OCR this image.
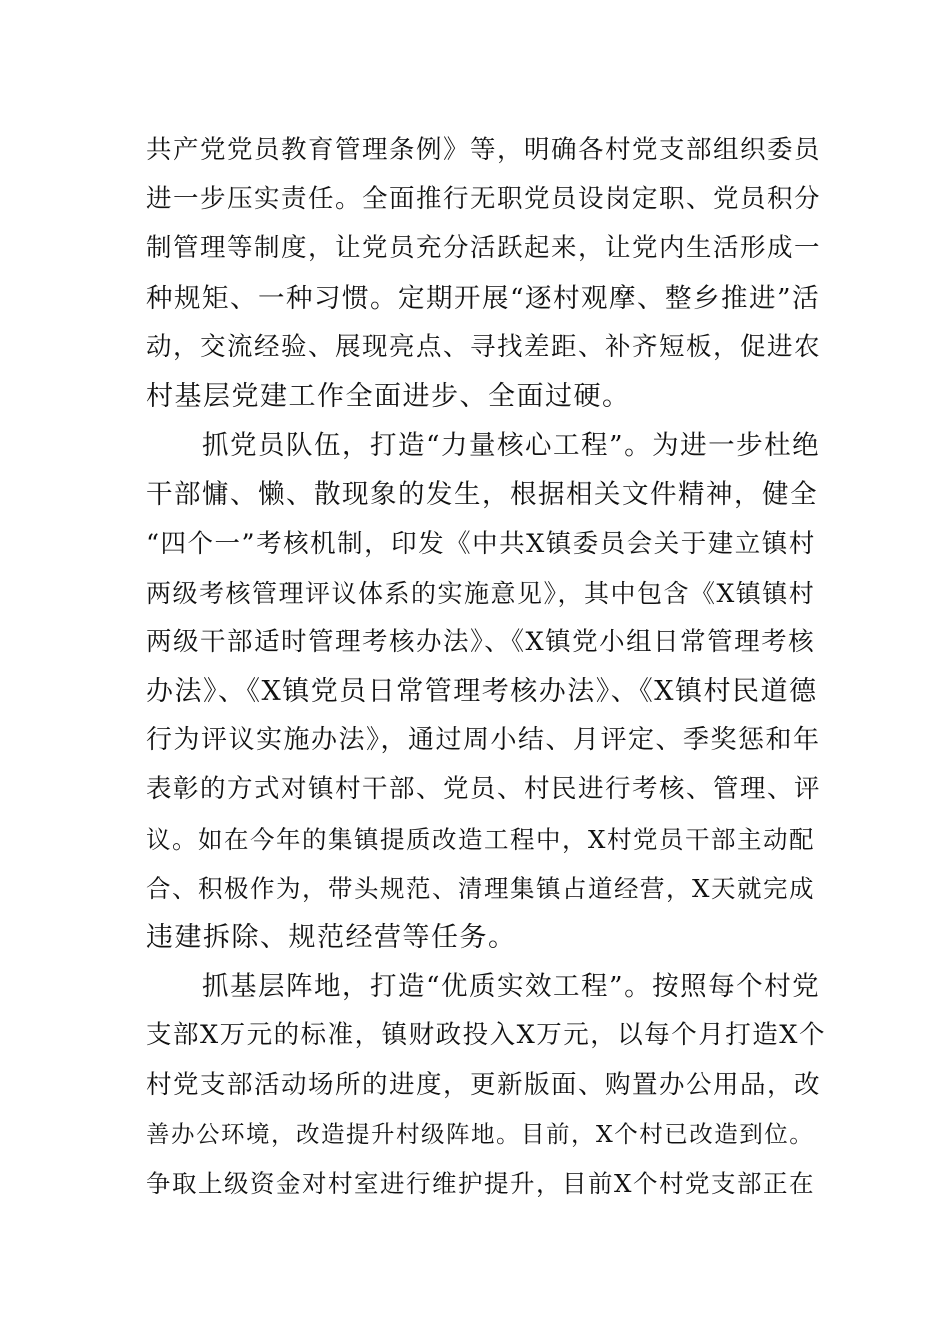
共产党党员教育管理条例》等，明确各村党支部组织委员
进一步压实责任。全面推行无职党员设岗定职、党员积分
制管理等制度，让党员充分活跃起来，让党内生活形成一
种规矩、一种习惯。定期开展“逐村观摩、整乡推进”活
动，交流经验、展现亮点、寻找差距、补齐短板，促进农
村基层党建工作全面进步、全面过硬。
　　抓党员队伍，打造“力量核心工程”。为进一步杜绝
干部慵、懒、散现象的发生，根据相关文件精神，健全
“四个一”考核机制，印发《中共X镇委员会关于建立镇村
两级考核管理评议体系的实施意见》，其中包含《X镇镇村
两级干部适时管理考核办法》、《X镇党小组日常管理考核
办法》、《X镇党员日常管理考核办法》、《X镇村民道德
行为评议实施办法》，通过周小结、月评定、季奖惩和年
表彰的方式对镇村干部、党员、村民进行考核、管理、评
议。如在今年的集镇提质改造工程中，X村党员干部主动配
合、积极作为，带头规范、清理集镇占道经营，X天就完成
违建拆除、规范经营等任务。
　　抓基层阵地，打造“优质实效工程”。按照每个村党
支部X万元的标准，镇财政投入X万元，以每个月打造X个
村党支部活动场所的进度，更新版面、购置办公用品，改
善办公环境，改造提升村级阵地。目前，X个村已改造到位。
争取上级资金对村室进行维护提升，目前X个村党支部正在
